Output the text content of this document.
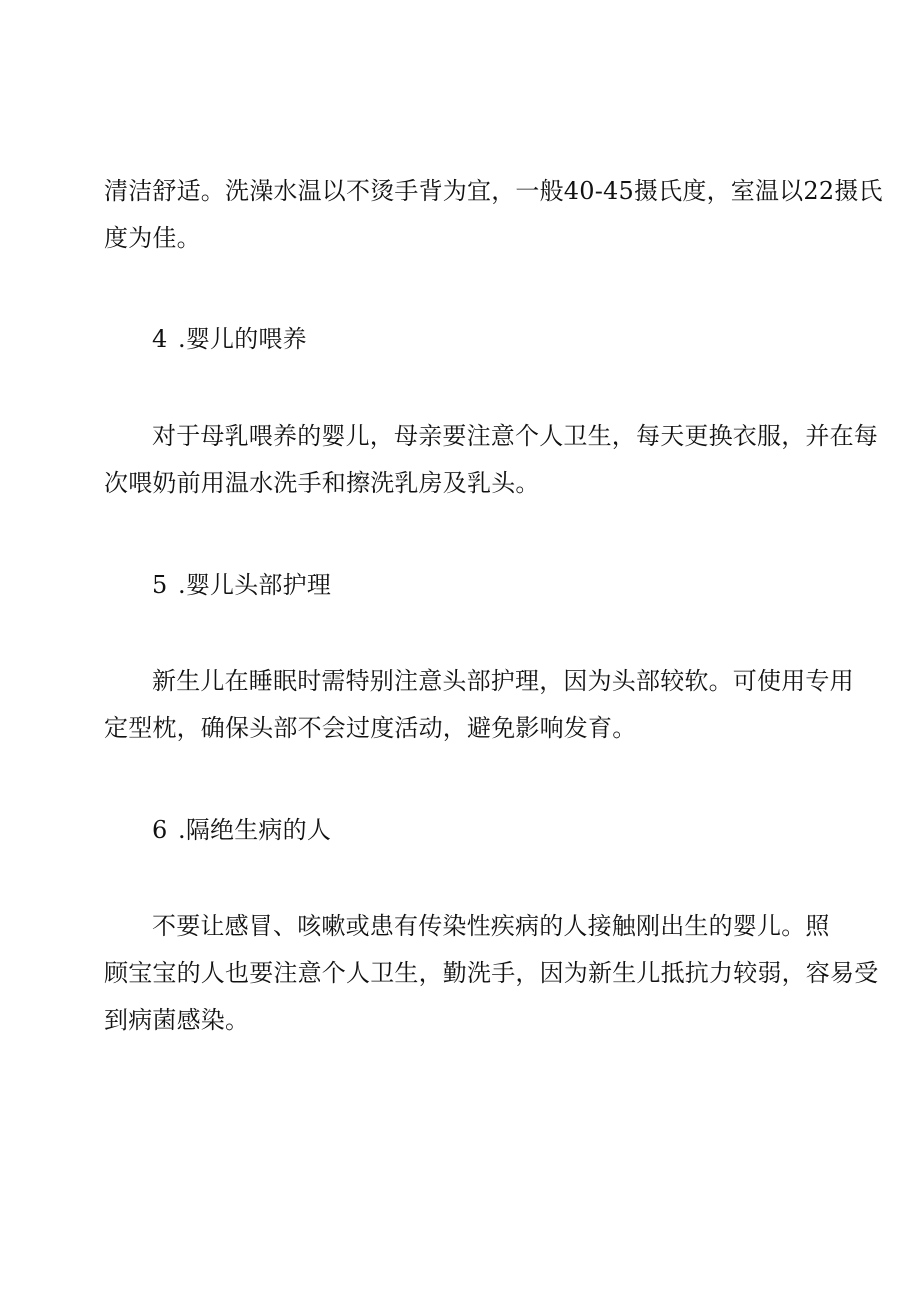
清洁舒适。洗澡水温以不烫手背为宜，一般40-45摄氏度，室温以22摄氏
度为佳。
4 .婴儿的喂养
对于母乳喂养的婴儿，母亲要注意个人卫生，每天更换衣服，并在每
次喂奶前用温水洗手和擦洗乳房及乳头。
5 .婴儿头部护理
新生儿在睡眠时需特别注意头部护理，因为头部较软。可使用专用
定型枕，确保头部不会过度活动，避免影响发育。
6 .隔绝生病的人
不要让感冒、咳嗽或患有传染性疾病的人接触刚出生的婴儿。照
顾宝宝的人也要注意个人卫生，勤洗手，因为新生儿抵抗力较弱，容易受
到病菌感染。
